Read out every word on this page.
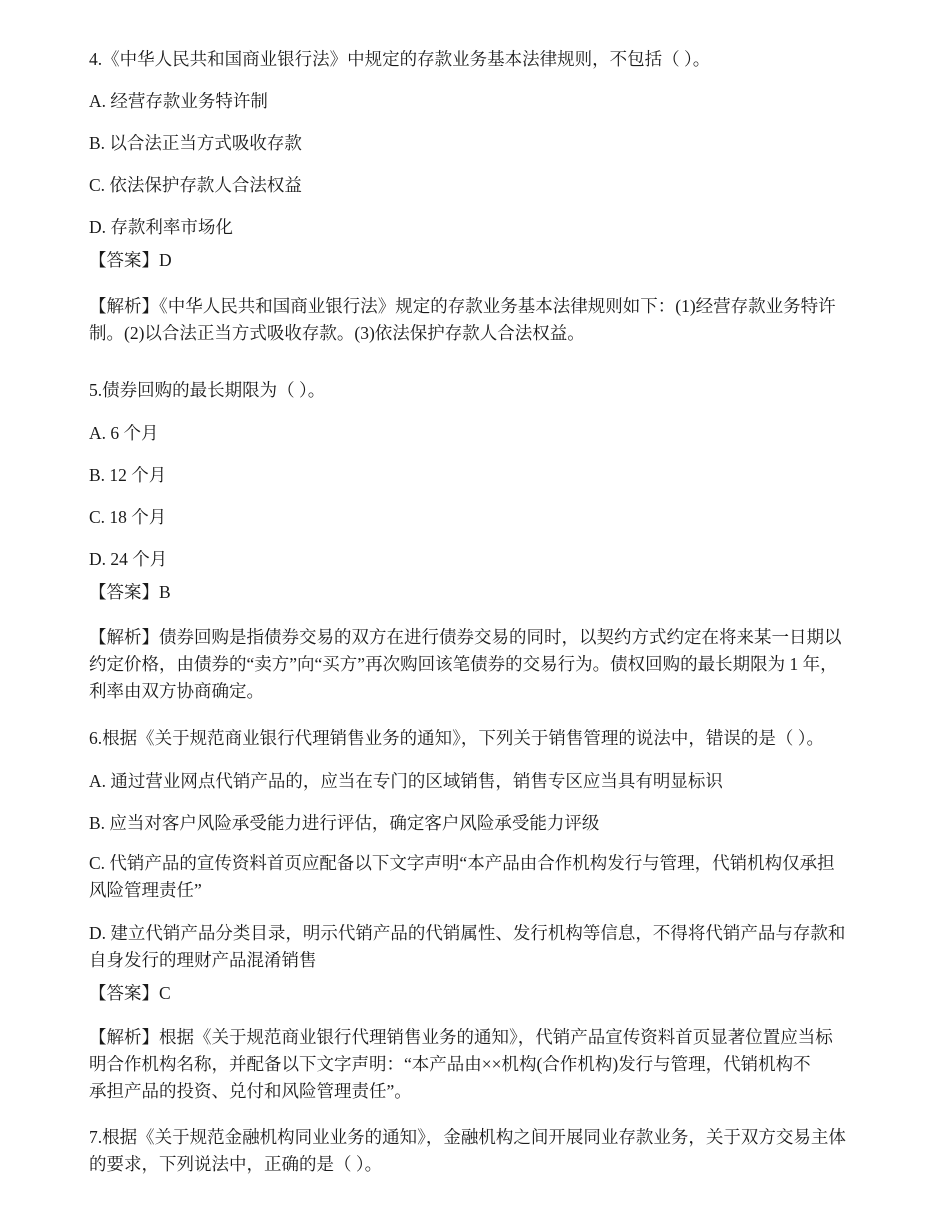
4.《中华人民共和国商业银行法》中规定的存款业务基本法律规则，不包括（ ）。

A. 经营存款业务特许制

B. 以合法正当方式吸收存款

C. 依法保护存款人合法权益

D. 存款利率市场化

【答案】D

【解析】《中华人民共和国商业银行法》规定的存款业务基本法律规则如下：(1)经营存款业务特许

制。(2)以合法正当方式吸收存款。(3)依法保护存款人合法权益。

5.债券回购的最长期限为（ ）。

A. 6 个月

B. 12 个月

C. 18 个月

D. 24 个月

【答案】B

【解析】债券回购是指债券交易的双方在进行债券交易的同时，以契约方式约定在将来某一日期以

约定价格，由债券的“卖方”向“买方”再次购回该笔债券的交易行为。债权回购的最长期限为 1 年，

利率由双方协商确定。

6.根据《关于规范商业银行代理销售业务的通知》，下列关于销售管理的说法中，错误的是（ ）。

A. 通过营业网点代销产品的，应当在专门的区域销售，销售专区应当具有明显标识

B. 应当对客户风险承受能力进行评估，确定客户风险承受能力评级

C. 代销产品的宣传资料首页应配备以下文字声明“本产品由合作机构发行与管理，代销机构仅承担

风险管理责任”

D. 建立代销产品分类目录，明示代销产品的代销属性、发行机构等信息，不得将代销产品与存款和

自身发行的理财产品混淆销售

【答案】C

【解析】根据《关于规范商业银行代理销售业务的通知》，代销产品宣传资料首页显著位置应当标

明合作机构名称，并配备以下文字声明：“本产品由××机构(合作机构)发行与管理，代销机构不

承担产品的投资、兑付和风险管理责任”。

7.根据《关于规范金融机构同业业务的通知》，金融机构之间开展同业存款业务，关于双方交易主体

的要求，下列说法中，正确的是（ ）。
